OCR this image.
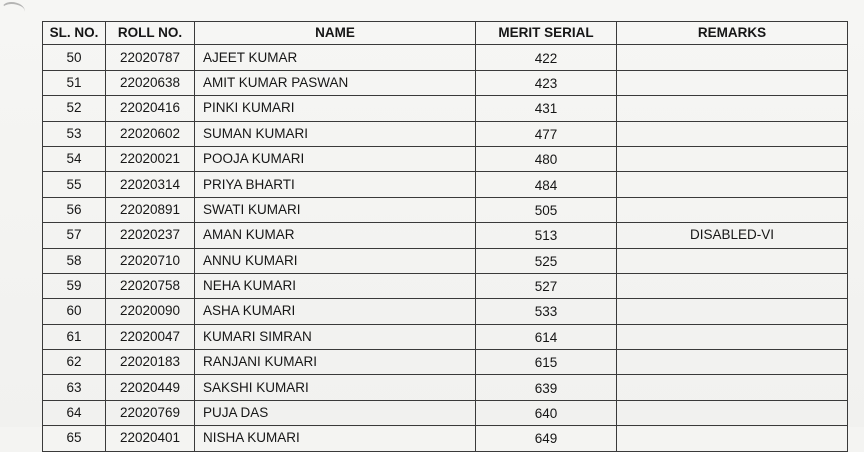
SL. NO.	ROLL NO.	NAME	MERIT SERIAL	REMARKS
50	22020787	AJEET KUMAR	422	
51	22020638	AMIT KUMAR PASWAN	423	
52	22020416	PINKI KUMARI	431	
53	22020602	SUMAN KUMARI	477	
54	22020021	POOJA KUMARI	480	
55	22020314	PRIYA BHARTI	484	
56	22020891	SWATI KUMARI	505	
57	22020237	AMAN KUMAR	513	DISABLED-VI
58	22020710	ANNU KUMARI	525	
59	22020758	NEHA KUMARI	527	
60	22020090	ASHA KUMARI	533	
61	22020047	KUMARI SIMRAN	614	
62	22020183	RANJANI KUMARI	615	
63	22020449	SAKSHI KUMARI	639	
64	22020769	PUJA DAS	640	
65	22020401	NISHA KUMARI	649	
